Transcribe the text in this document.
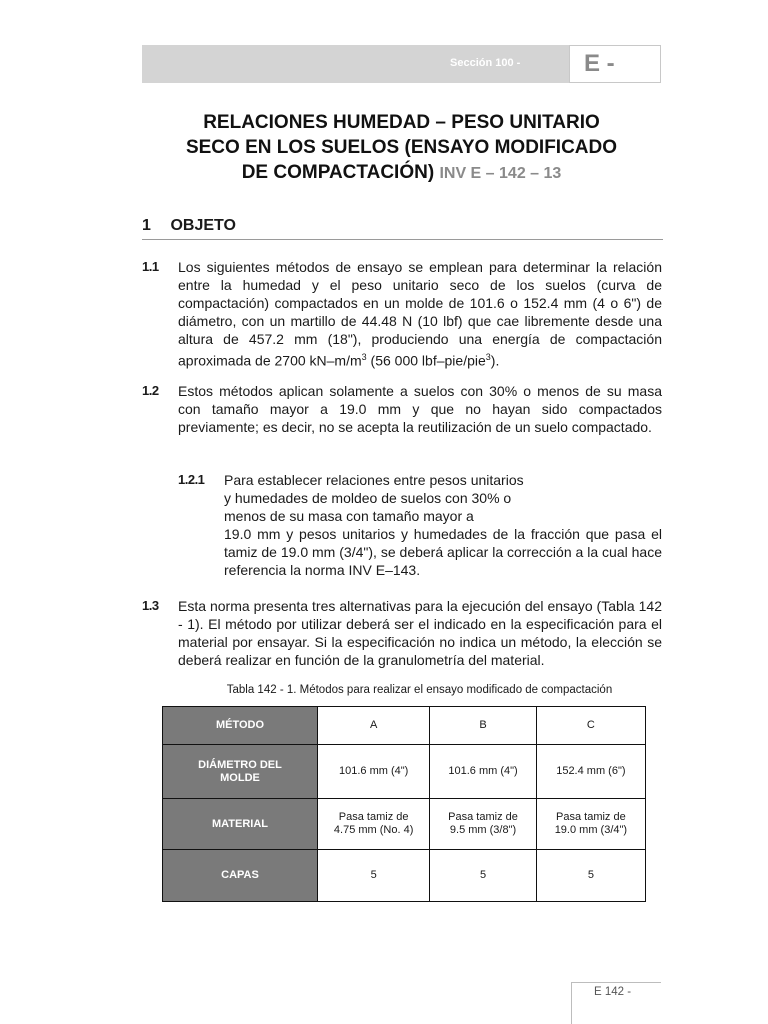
Sección 100 -	E -
RELACIONES HUMEDAD – PESO UNITARIO
SECO EN LOS SUELOS (ENSAYO MODIFICADO
DE COMPACTACIÓN) INV E – 142 – 13
1 OBJETO
1.1 Los siguientes métodos de ensayo se emplean para determinar la relación entre la humedad y el peso unitario seco de los suelos (curva de compactación) compactados en un molde de 101.6 o 152.4 mm (4 o 6") de diámetro, con un martillo de 44.48 N (10 lbf) que cae libremente desde una altura de 457.2 mm (18"), produciendo una energía de compactación aproximada de 2700 $kN-m/m^3$ (56 000 lbf–pie/pie$^3$).
1.2 Estos métodos aplican solamente a suelos con 30% o menos de su masa con tamaño mayor a 19.0 mm y que no hayan sido compactados previamente; es decir, no se acepta la reutilización de un suelo compactado.
1.2.1 Para establecer relaciones entre pesos unitarios y humedades de moldeo de suelos con 30% o menos de su masa con tamaño mayor a
19.0 mm y pesos unitarios y humedades de la fracción que pasa el tamiz de 19.0 mm (3/4"), se deberá aplicar la corrección a la cual hace referencia la norma INV E–143.
1.3 Esta norma presenta tres alternativas para la ejecución del ensayo (Tabla 142 - 1). El método por utilizar deberá ser el indicado en la especificación para el material por ensayar. Si la especificación no indica un método, la elección se deberá realizar en función de la granulometría del material.
Tabla 142 - 1. Métodos para realizar el ensayo modificado de compactación
MÉTODO	A	B	C
DIÁMETRO DEL MOLDE	101.6 mm (4")	101.6 mm (4")	152.4 mm (6")
MATERIAL	Pasa tamiz de 4.75 mm (No. 4)	Pasa tamiz de 9.5 mm (3/8")	Pasa tamiz de 19.0 mm (3/4")
CAPAS	5	5	5
E 142 -
